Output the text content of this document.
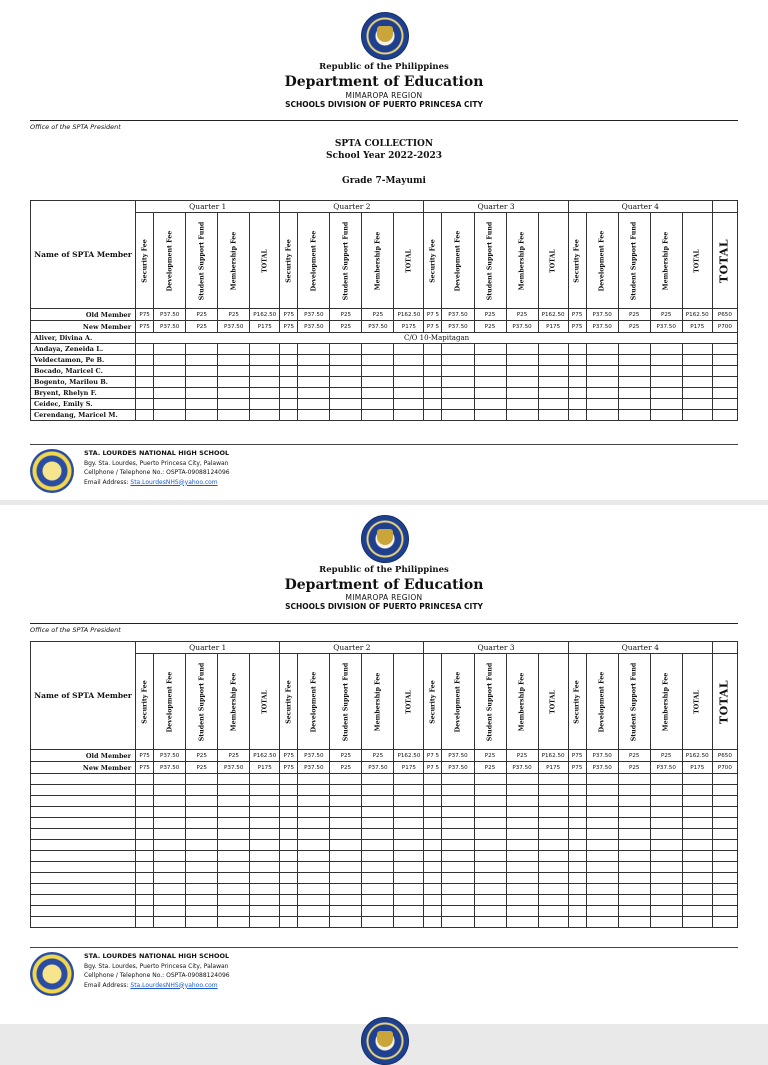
Republic of the Philippines
Department of Education
MIMAROPA REGION
SCHOOLS DIVISION OF PUERTO PRINCESA CITY
Office of the SPTA President
SPTA COLLECTION
School Year 2022-2023
Grade 7-Mayumi
Name of SPTA Member	Quarter 1					Quarter 2					Quarter 3					Quarter 4					

	Security Fee	Development Fee	Student Support Fund	Membership Fee	TOTAL	Security Fee	Development Fee	Student Support Fund	Membership Fee	TOTAL	Security Fee	Development Fee	Student Support Fund	Membership Fee	TOTAL	Security Fee	Development Fee	Student Support Fund	Membership Fee	TOTAL	TOTAL

Old Member	P75	P37.50	P25	P25	P162.50	P75	P37.50	P25	P25	P162.50	P7 5	P37.50	P25	P25	P162.50	P75	P37.50	P25	P25	P162.50	P650
New Member	P75	P37.50	P25	P37.50	P175	P75	P37.50	P25	P37.50	P175	P7 5	P37.50	P25	P37.50	P175	P75	P37.50	P25	P37.50	P175	P700
Aliver, Divina A.	C/O 10-Mapitagan																				
Andaya, Zeneida L.																					
Veldectamon, Pe B.																					
Bocado, Maricel C.																					
Bogento, Marilou B.																					
Bryent, Rhelyn F.																					
Ceidec, Emily S.																					
Cerendang, Maricel M.																					
STA. LOURDES NATIONAL HIGH SCHOOL
Bgy. Sta. Lourdes, Puerto Princesa City, Palawan
Cellphone / Telephone No.: OSPTA-09088124096
Email Address: Sta.LourdesNHS@yahoo.com
Republic of the Philippines
Department of Education
MIMAROPA REGION
SCHOOLS DIVISION OF PUERTO PRINCESA CITY
Office of the SPTA President
Name of SPTA Member	Quarter 1					Quarter 2					Quarter 3					Quarter 4					

	Security Fee	Development Fee	Student Support Fund	Membership Fee	TOTAL	Security Fee	Development Fee	Student Support Fund	Membership Fee	TOTAL	Security Fee	Development Fee	Student Support Fund	Membership Fee	TOTAL	Security Fee	Development Fee	Student Support Fund	Membership Fee	TOTAL	TOTAL

Old Member	P75	P37.50	P25	P25	P162.50	P75	P37.50	P25	P25	P162.50	P7 5	P37.50	P25	P25	P162.50	P75	P37.50	P25	P25	P162.50	P650
New Member	P75	P37.50	P25	P37.50	P175	P75	P37.50	P25	P37.50	P175	P7 5	P37.50	P25	P37.50	P175	P75	P37.50	P25	P37.50	P175	P700

STA. LOURDES NATIONAL HIGH SCHOOL
Bgy. Sta. Lourdes, Puerto Princesa City, Palawan
Cellphone / Telephone No.: OSPTA-09088124096
Email Address: Sta.LourdesNHS@yahoo.com
